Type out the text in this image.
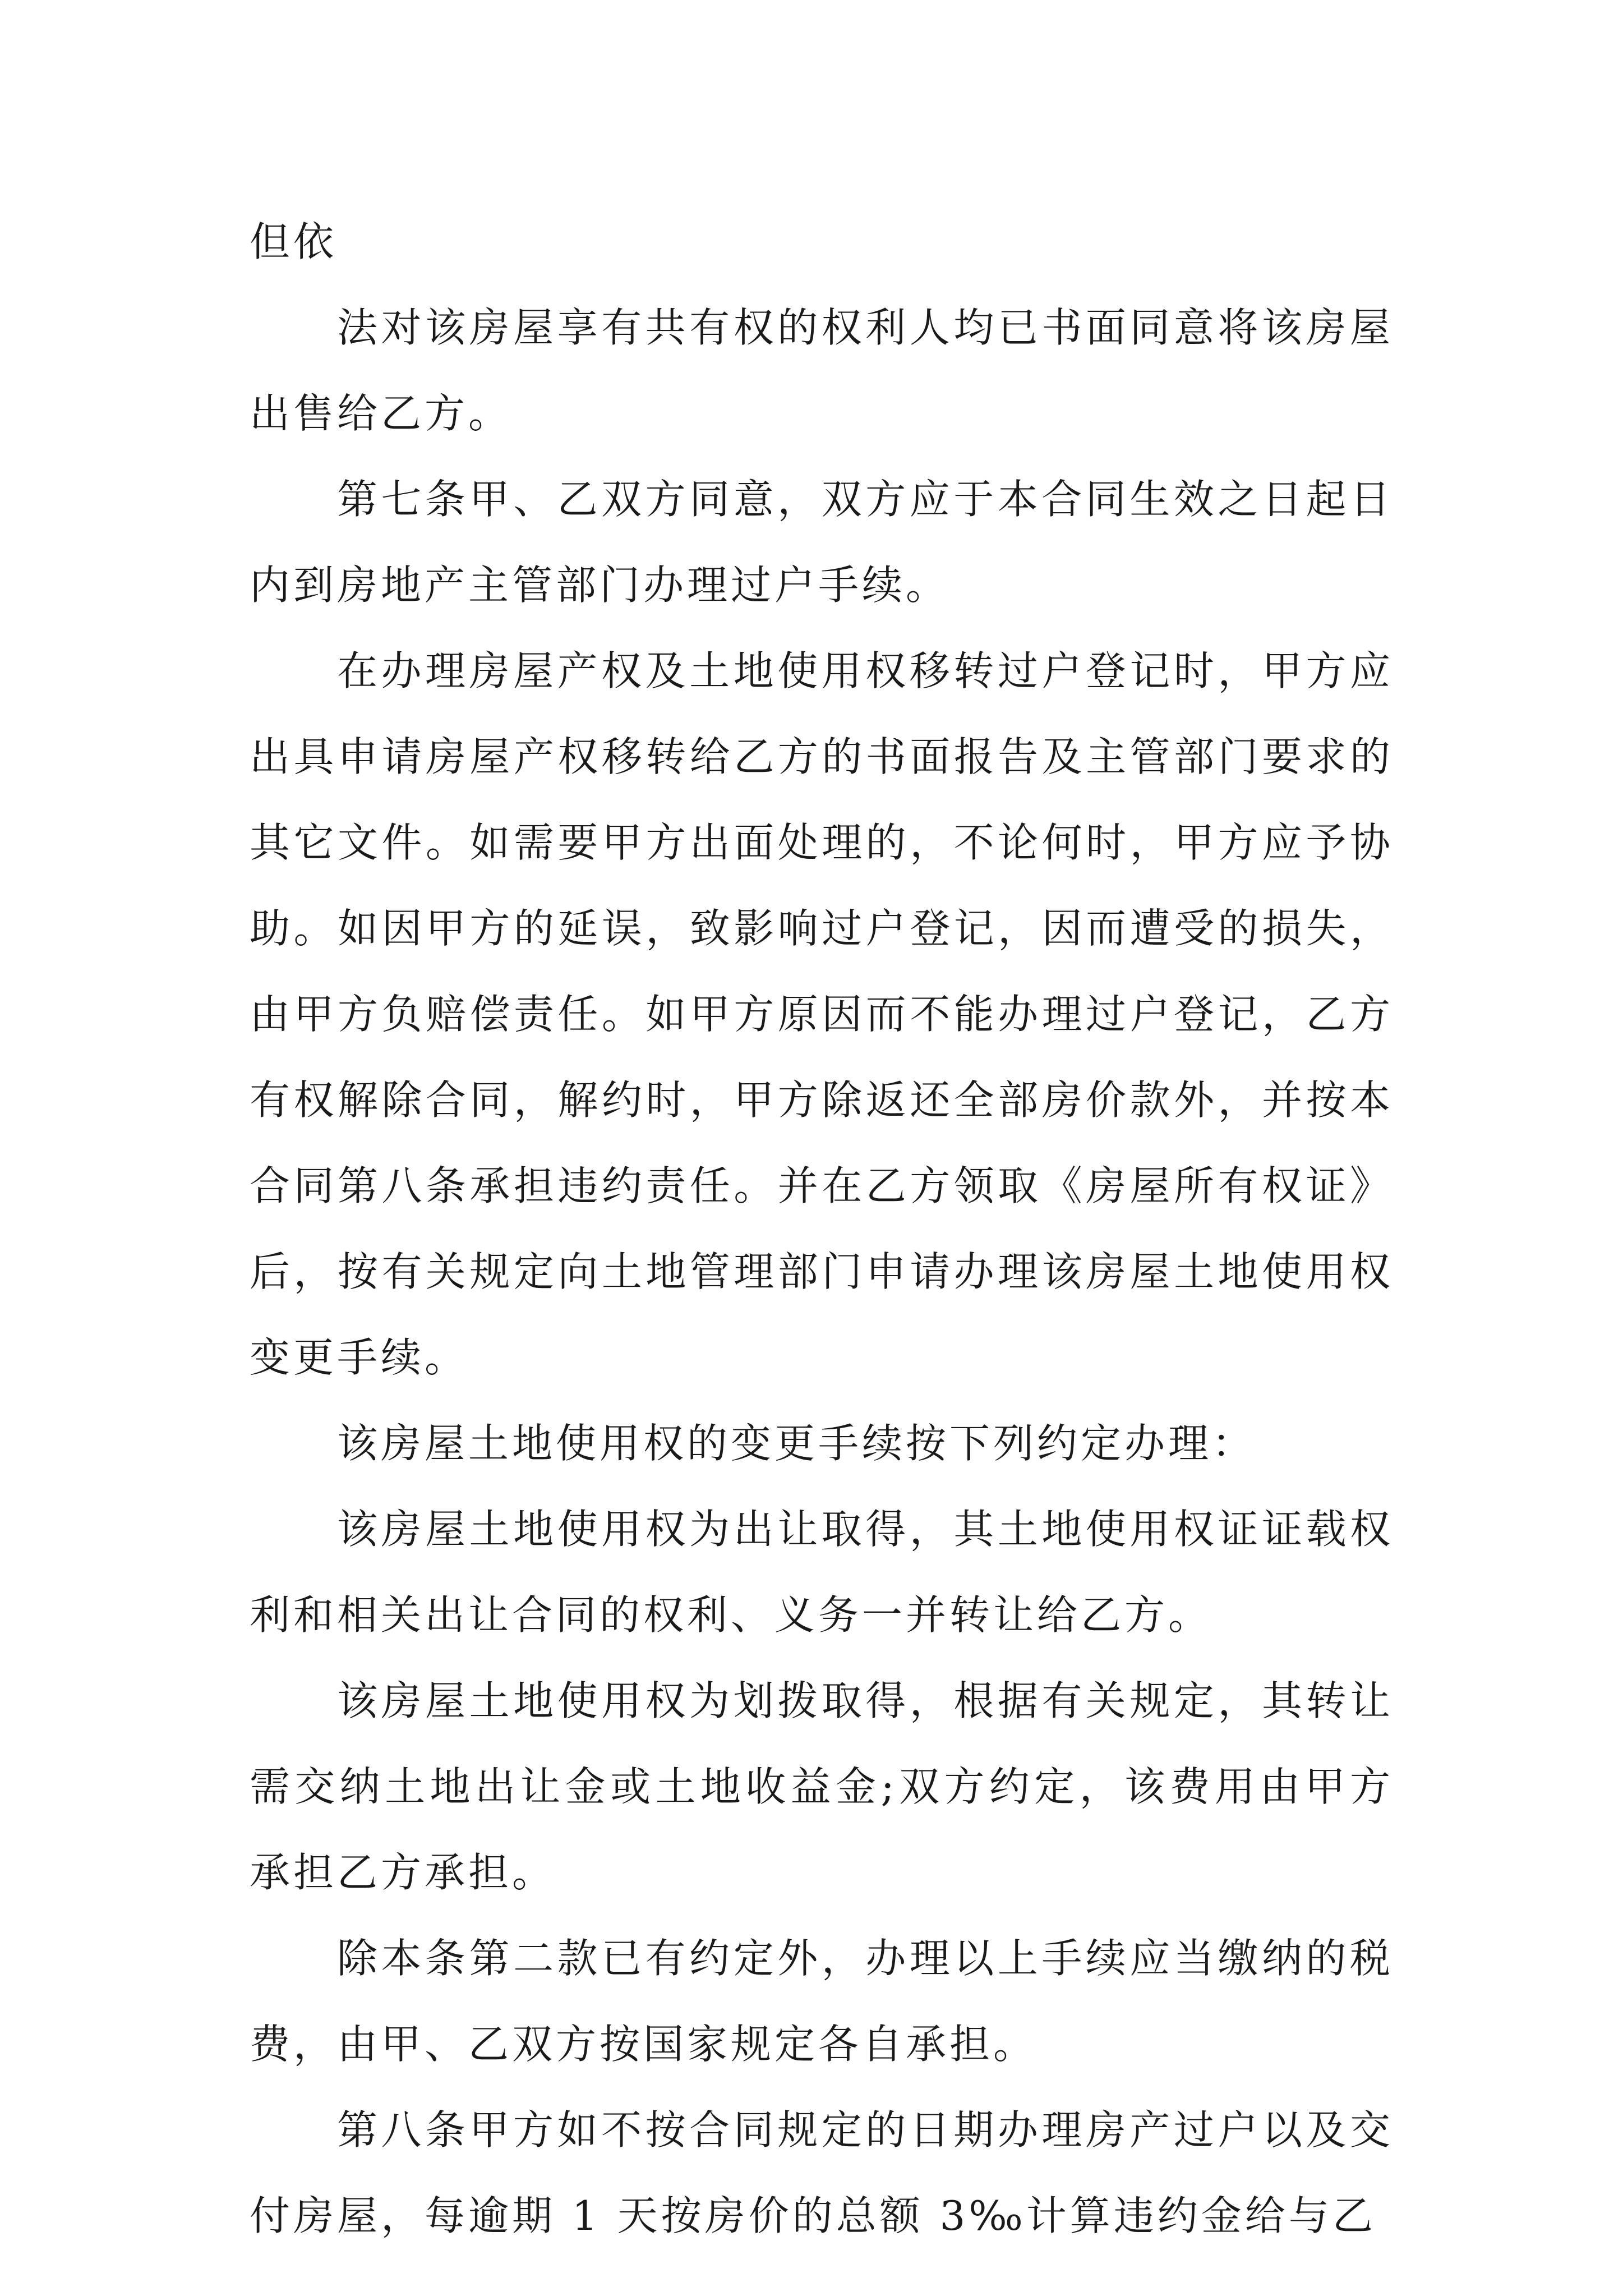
但依

法对该房屋享有共有权的权利人均已书面同意将该房屋出售给乙方。

第七条甲、乙双方同意，双方应于本合同生效之日起日内到房地产主管部门办理过户手续。

在办理房屋产权及土地使用权移转过户登记时，甲方应出具申请房屋产权移转给乙方的书面报告及主管部门要求的其它文件。如需要甲方出面处理的，不论何时，甲方应予协助。如因甲方的延误，致影响过户登记，因而遭受的损失，由甲方负赔偿责任。如甲方原因而不能办理过户登记，乙方有权解除合同，解约时，甲方除返还全部房价款外，并按本合同第八条承担违约责任。并在乙方领取《房屋所有权证》后，按有关规定向土地管理部门申请办理该房屋土地使用权变更手续。

该房屋土地使用权的变更手续按下列约定办理：

该房屋土地使用权为出让取得，其土地使用权证证载权利和相关出让合同的权利、义务一并转让给乙方。

该房屋土地使用权为划拨取得，根据有关规定，其转让需交纳土地出让金或土地收益金;双方约定，该费用由甲方承担乙方承担。

除本条第二款已有约定外，办理以上手续应当缴纳的税费，由甲、乙双方按国家规定各自承担。

第八条甲方如不按合同规定的日期办理房产过户以及交付房屋，每逾期 1 天按房价的总额 3‰计算违约金给与乙
